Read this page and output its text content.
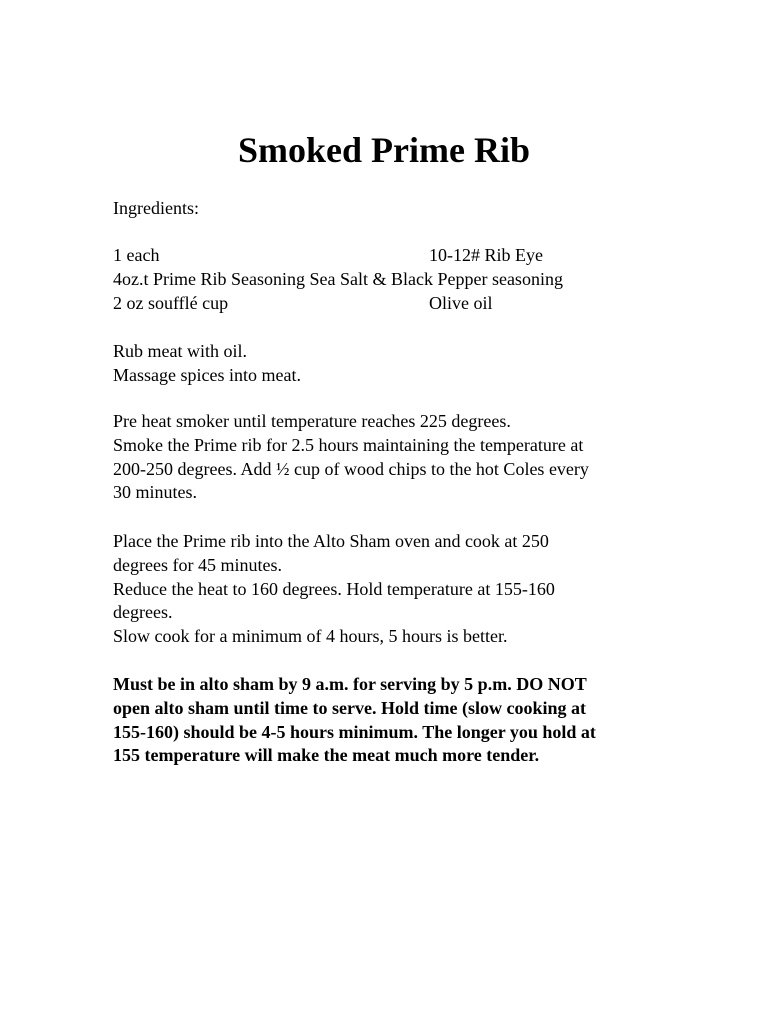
Smoked Prime Rib

Ingredients:

1 each	10-12# Rib Eye
4oz.t Prime Rib Seasoning Sea Salt & Black Pepper seasoning
2 oz soufflé cup	Olive oil
Rub meat with oil.
Massage spices into meat.
Pre heat smoker until temperature reaches 225 degrees.
Smoke the Prime rib for 2.5 hours maintaining the temperature at
200-250 degrees. Add ½ cup of wood chips to the hot Coles every
30 minutes.
Place the Prime rib into the Alto Sham oven and cook at 250
degrees for 45 minutes.
Reduce the heat to 160 degrees. Hold temperature at 155-160
degrees.
Slow cook for a minimum of 4 hours, 5 hours is better.
Must be in alto sham by 9 a.m. for serving by 5 p.m. DO NOT
open alto sham until time to serve. Hold time (slow cooking at
155-160) should be 4-5 hours minimum. The longer you hold at
155 temperature will make the meat much more tender.
